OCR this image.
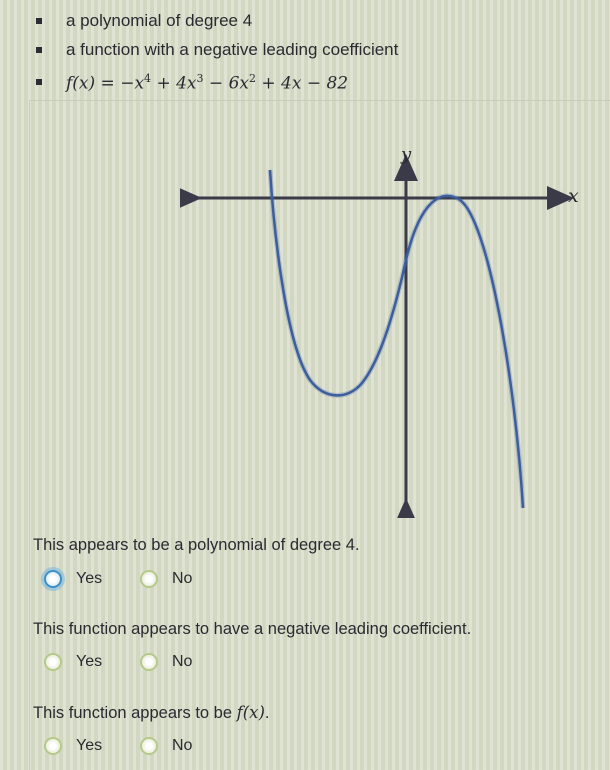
a polynomial of degree 4
a function with a negative leading coefficient
$f(x) = -x^4 + 4x^3 - 6x^2 + 4x - 82$
x
y
This appears to be a polynomial of degree 4.
Yes	No
This function appears to have a negative leading coefficient.
Yes	No
This function appears to be f(x).
Yes	No
